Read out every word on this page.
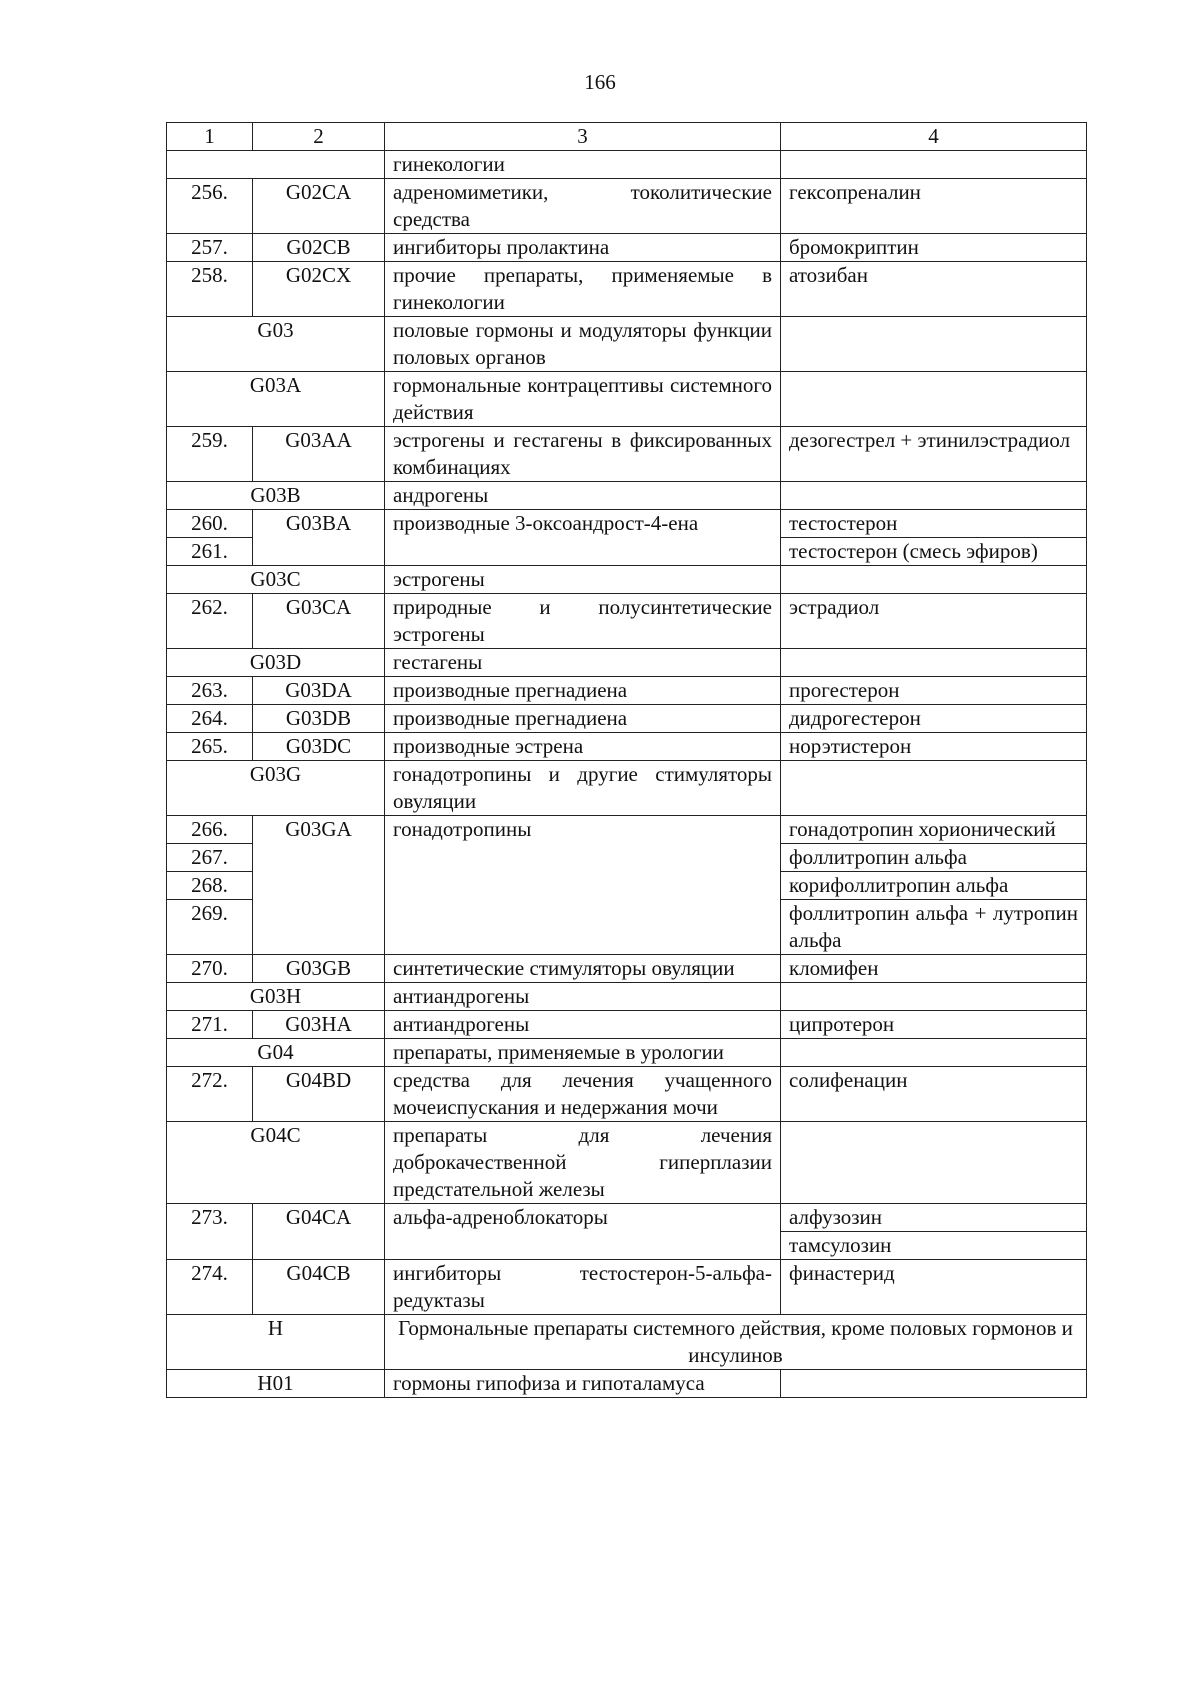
166
1	2	3	4
		гинекологии	
256.	G02CA	адреномиметики, токолитические средства	гексопреналин
257.	G02CB	ингибиторы пролактина	бромокриптин
258.	G02CX	прочие препараты, применяемые в гинекологии	атозибан
G03		половые гормоны и модуляторы функции половых органов	
G03A		гормональные контрацептивы системного действия	
259.	G03AA	эстрогены и гестагены в фиксированных комбинациях	дезогестрел + этинилэстрадиол
G03B		андрогены	
260.	G03BA	производные 3-оксоандрост-4-ена	тестостерон
261.			тестостерон (смесь эфиров)
G03C		эстрогены	
262.	G03CA	природные и полусинтетические эстрогены	эстрадиол
G03D		гестагены	
263.	G03DA	производные прегнадиена	прогестерон
264.	G03DB	производные прегнадиена	дидрогестерон
265.	G03DC	производные эстрена	норэтистерон
G03G		гонадотропины и другие стимуляторы овуляции	
266.	G03GA	гонадотропины	гонадотропин хорионический
267.			фоллитропин альфа
268.			корифоллитропин альфа
269.			фоллитропин альфа + лутропин альфа
270.	G03GB	синтетические стимуляторы овуляции	кломифен
G03H		антиандрогены	
271.	G03HA	антиандрогены	ципротерон
G04		препараты, применяемые в урологии	
272.	G04BD	средства для лечения учащенного мочеиспускания и недержания мочи	солифенацин
G04C		препараты для лечения доброкачественной гиперплазии предстательной железы	
273.	G04CA	альфа-адреноблокаторы	алфузозин
			тамсулозин
274.	G04CB	ингибиторы тестостерон-5-альфа-редуктазы	финастерид
H		Гормональные препараты системного действия, кроме половых гормонов и инсулинов	
H01		гормоны гипофиза и гипоталамуса	
